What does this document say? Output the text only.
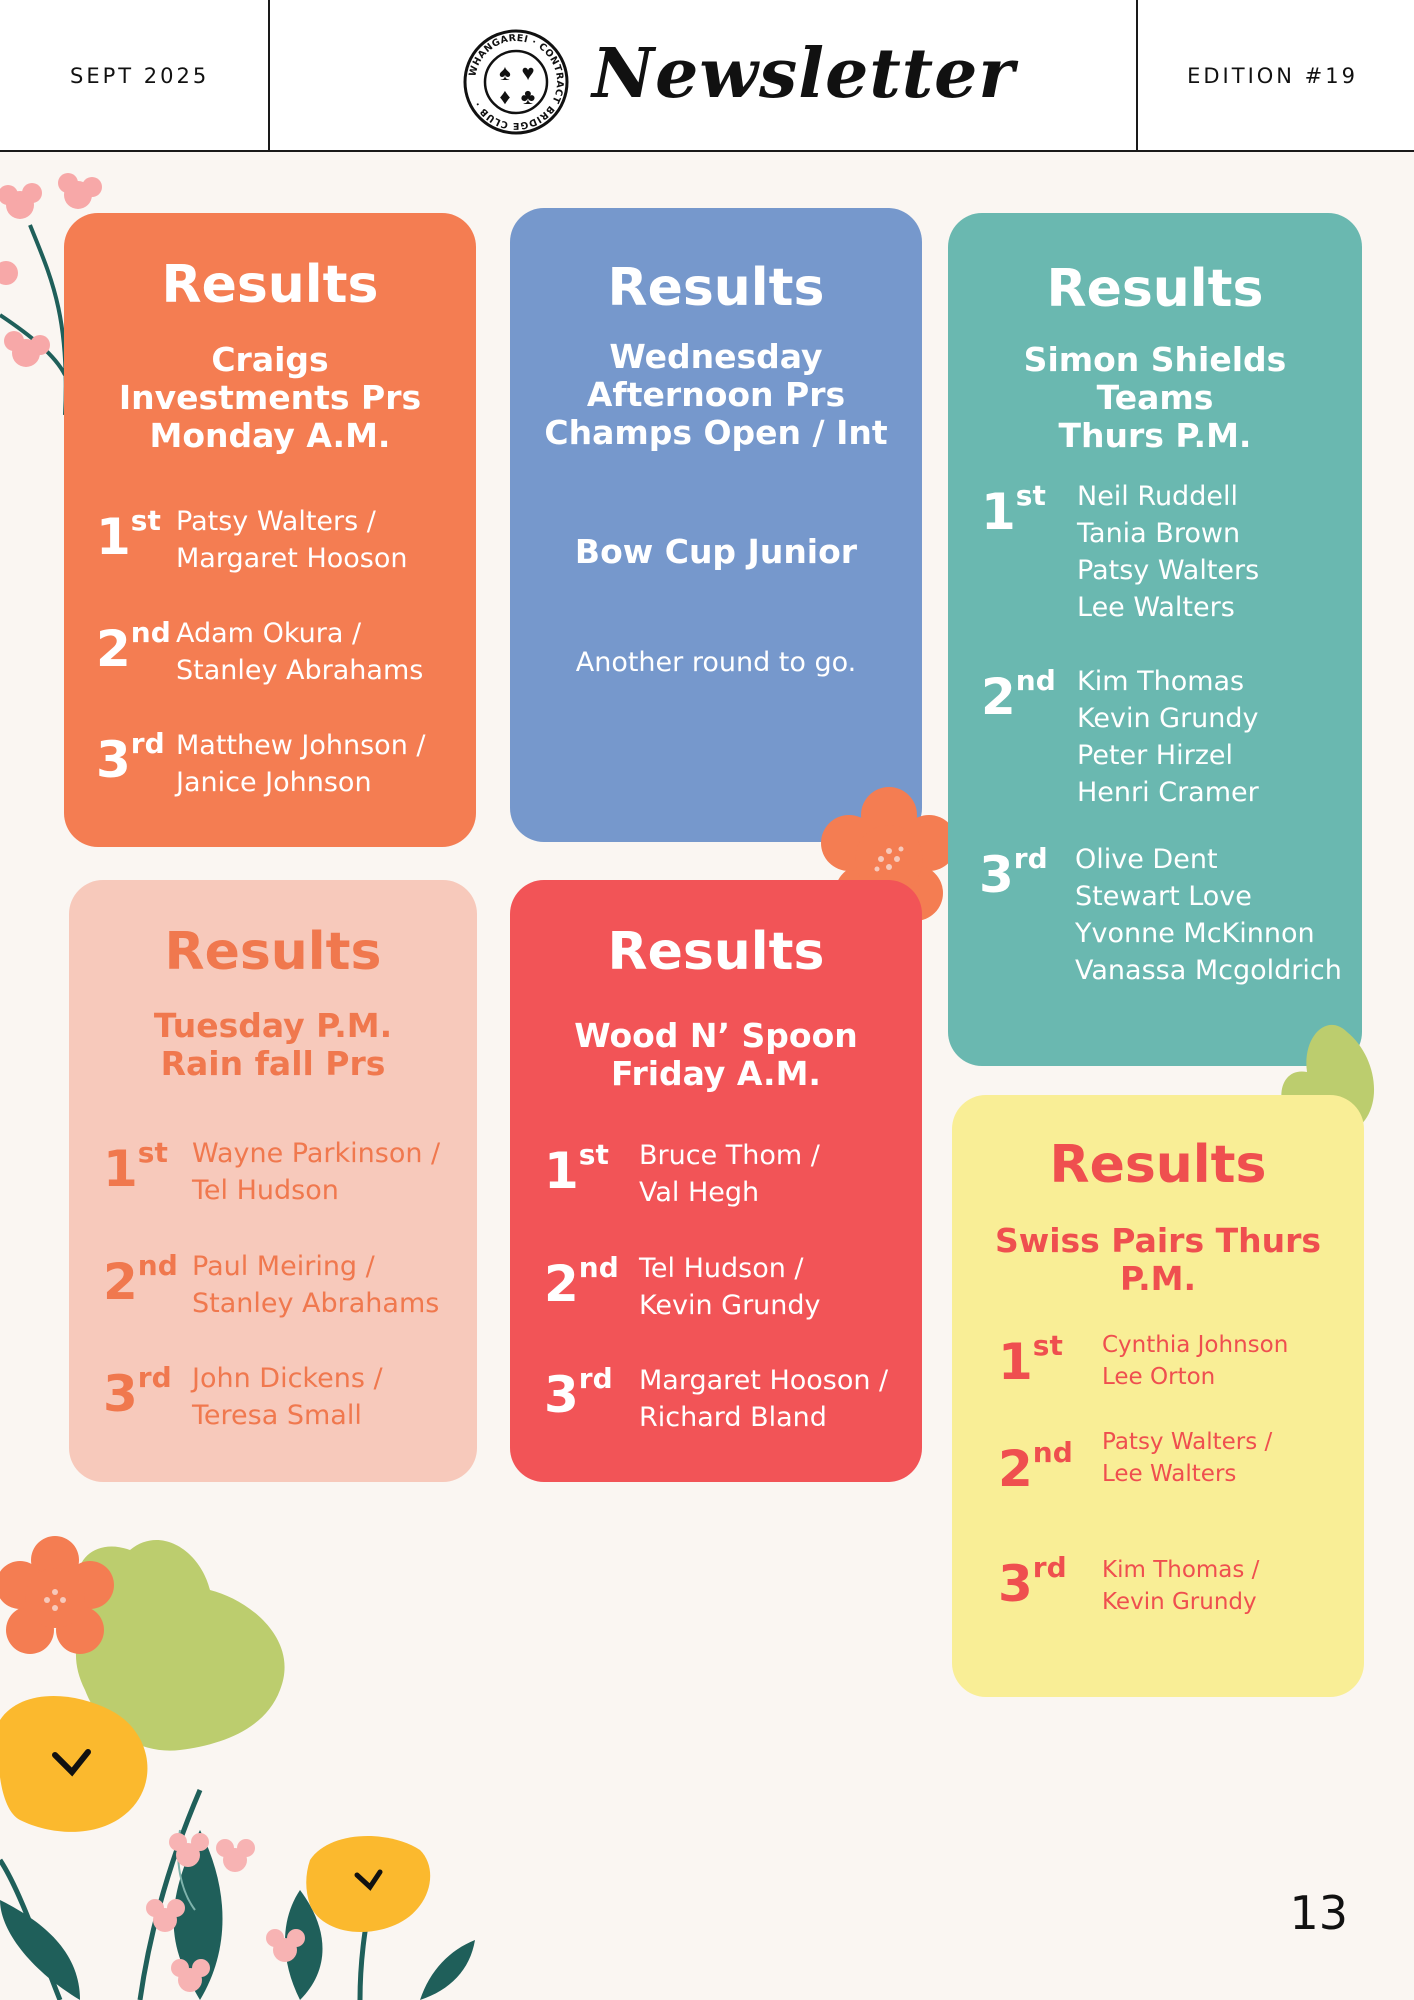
SEPT 2025	WHANGAREI · CONTRACT BRIDGE CLUB ·
♠ ♥
♦ ♣ Newsletter	EDITION #19
Results
Craigs
Investments Prs
Monday A.M.
1st Patsy Walters /
Margaret Hooson
2nd Adam Okura /
Stanley Abrahams
3rd Matthew Johnson /
Janice Johnson
Results
Wednesday
Afternoon Prs
Champs Open / Int
Bow Cup Junior
Another round to go.
Results
Simon Shields
Teams
Thurs P.M.
1st Neil Ruddell
Tania Brown
Patsy Walters
Lee Walters
2nd Kim Thomas
Kevin Grundy
Peter Hirzel
Henri Cramer
3rd Olive Dent
Stewart Love
Yvonne McKinnon
Vanassa Mcgoldrich
Results
Tuesday P.M.
Rain fall Prs
1st Wayne Parkinson /
Tel Hudson
2nd Paul Meiring /
Stanley Abrahams
3rd John Dickens /
Teresa Small
Results
Wood N’ Spoon
Friday A.M.
1st Bruce Thom /
Val Hegh
2nd Tel Hudson /
Kevin Grundy
3rd Margaret Hooson /
Richard Bland
Results
Swiss Pairs Thurs
P.M.
1st Cynthia Johnson
Lee Orton
2nd Patsy Walters /
Lee Walters
3rd Kim Thomas /
Kevin Grundy
13
